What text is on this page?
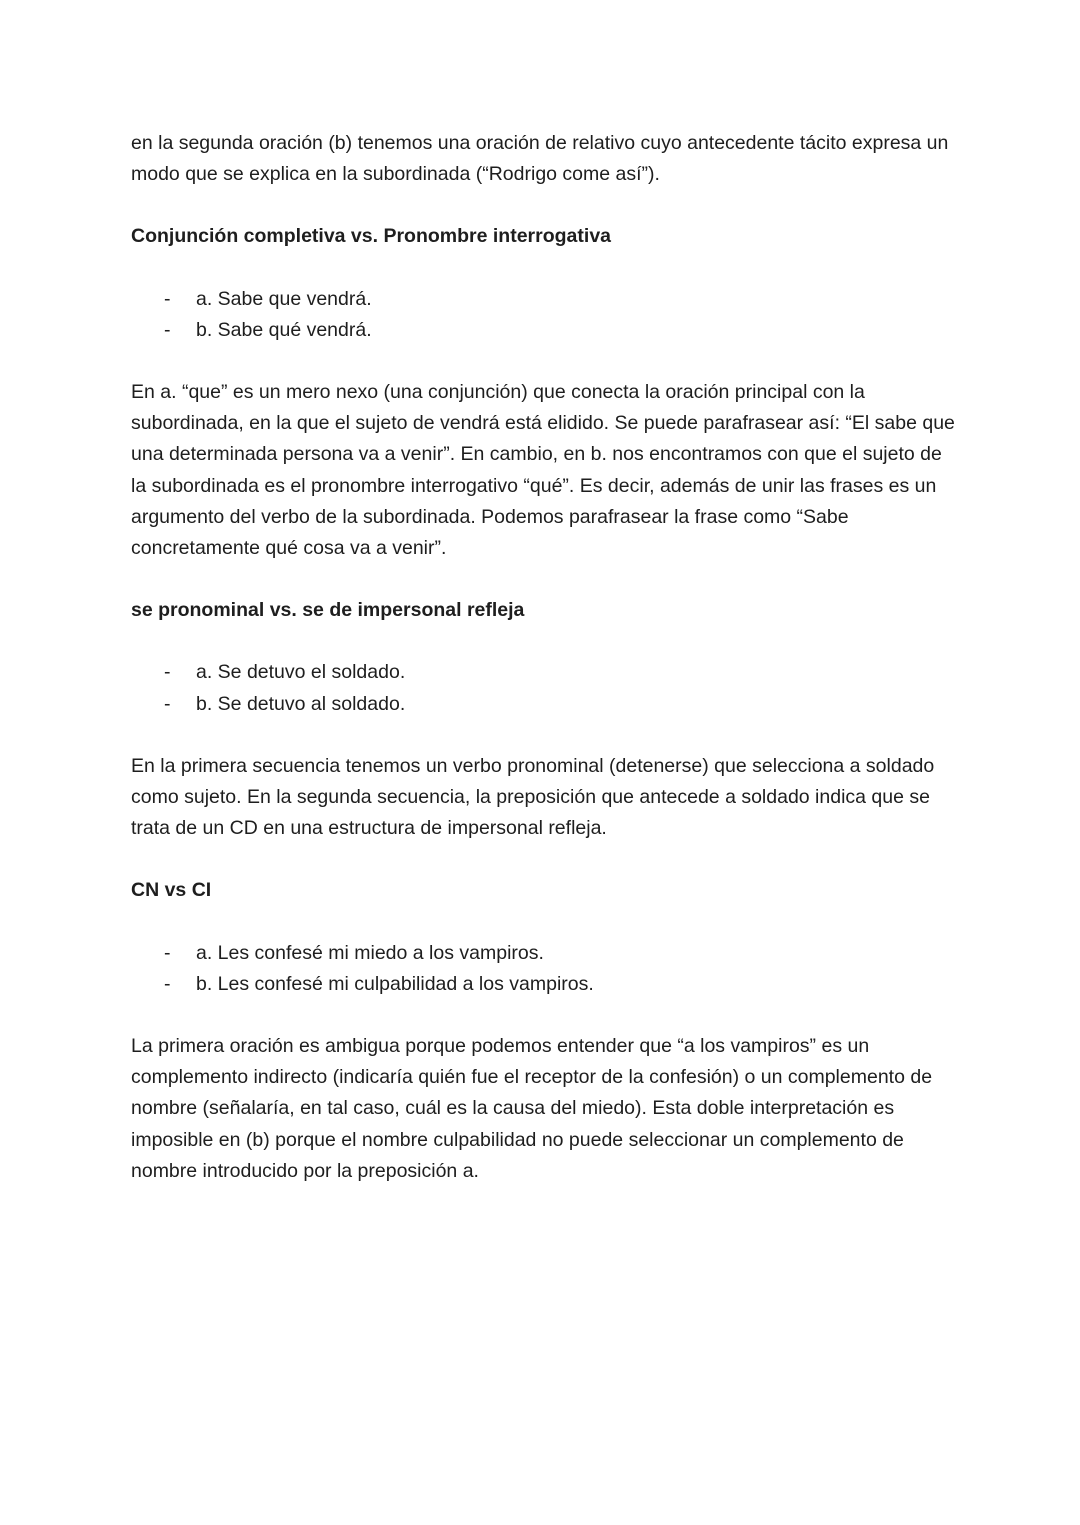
en la segunda oración (b) tenemos una oración de relativo cuyo antecedente tácito expresa un modo que se explica en la subordinada (“Rodrigo come así”).

Conjunción completiva vs. Pronombre interrogativa
- a. Sabe que vendrá.
- b. Sabe qué vendrá.

En a. “que” es un mero nexo (una conjunción) que conecta la oración principal con la subordinada, en la que el sujeto de vendrá está elidido. Se puede parafrasear así: “El sabe que una determinada persona va a venir”. En cambio, en b. nos encontramos con que el sujeto de la subordinada es el pronombre interrogativo “qué”. Es decir, además de unir las frases es un argumento del verbo de la subordinada. Podemos parafrasear la frase como “Sabe concretamente qué cosa va a venir”.

se pronominal vs. se de impersonal refleja
- a. Se detuvo el soldado.
- b. Se detuvo al soldado.

En la primera secuencia tenemos un verbo pronominal (detenerse) que selecciona a soldado como sujeto. En la segunda secuencia, la preposición que antecede a soldado indica que se trata de un CD en una estructura de impersonal refleja.

CN vs CI
- a. Les confesé mi miedo a los vampiros.
- b. Les confesé mi culpabilidad a los vampiros.

La primera oración es ambigua porque podemos entender que “a los vampiros” es un complemento indirecto (indicaría quién fue el receptor de la confesión) o un complemento de nombre (señalaría, en tal caso, cuál es la causa del miedo). Esta doble interpretación es imposible en (b) porque el nombre culpabilidad no puede seleccionar un complemento de nombre introducido por la preposición a.
